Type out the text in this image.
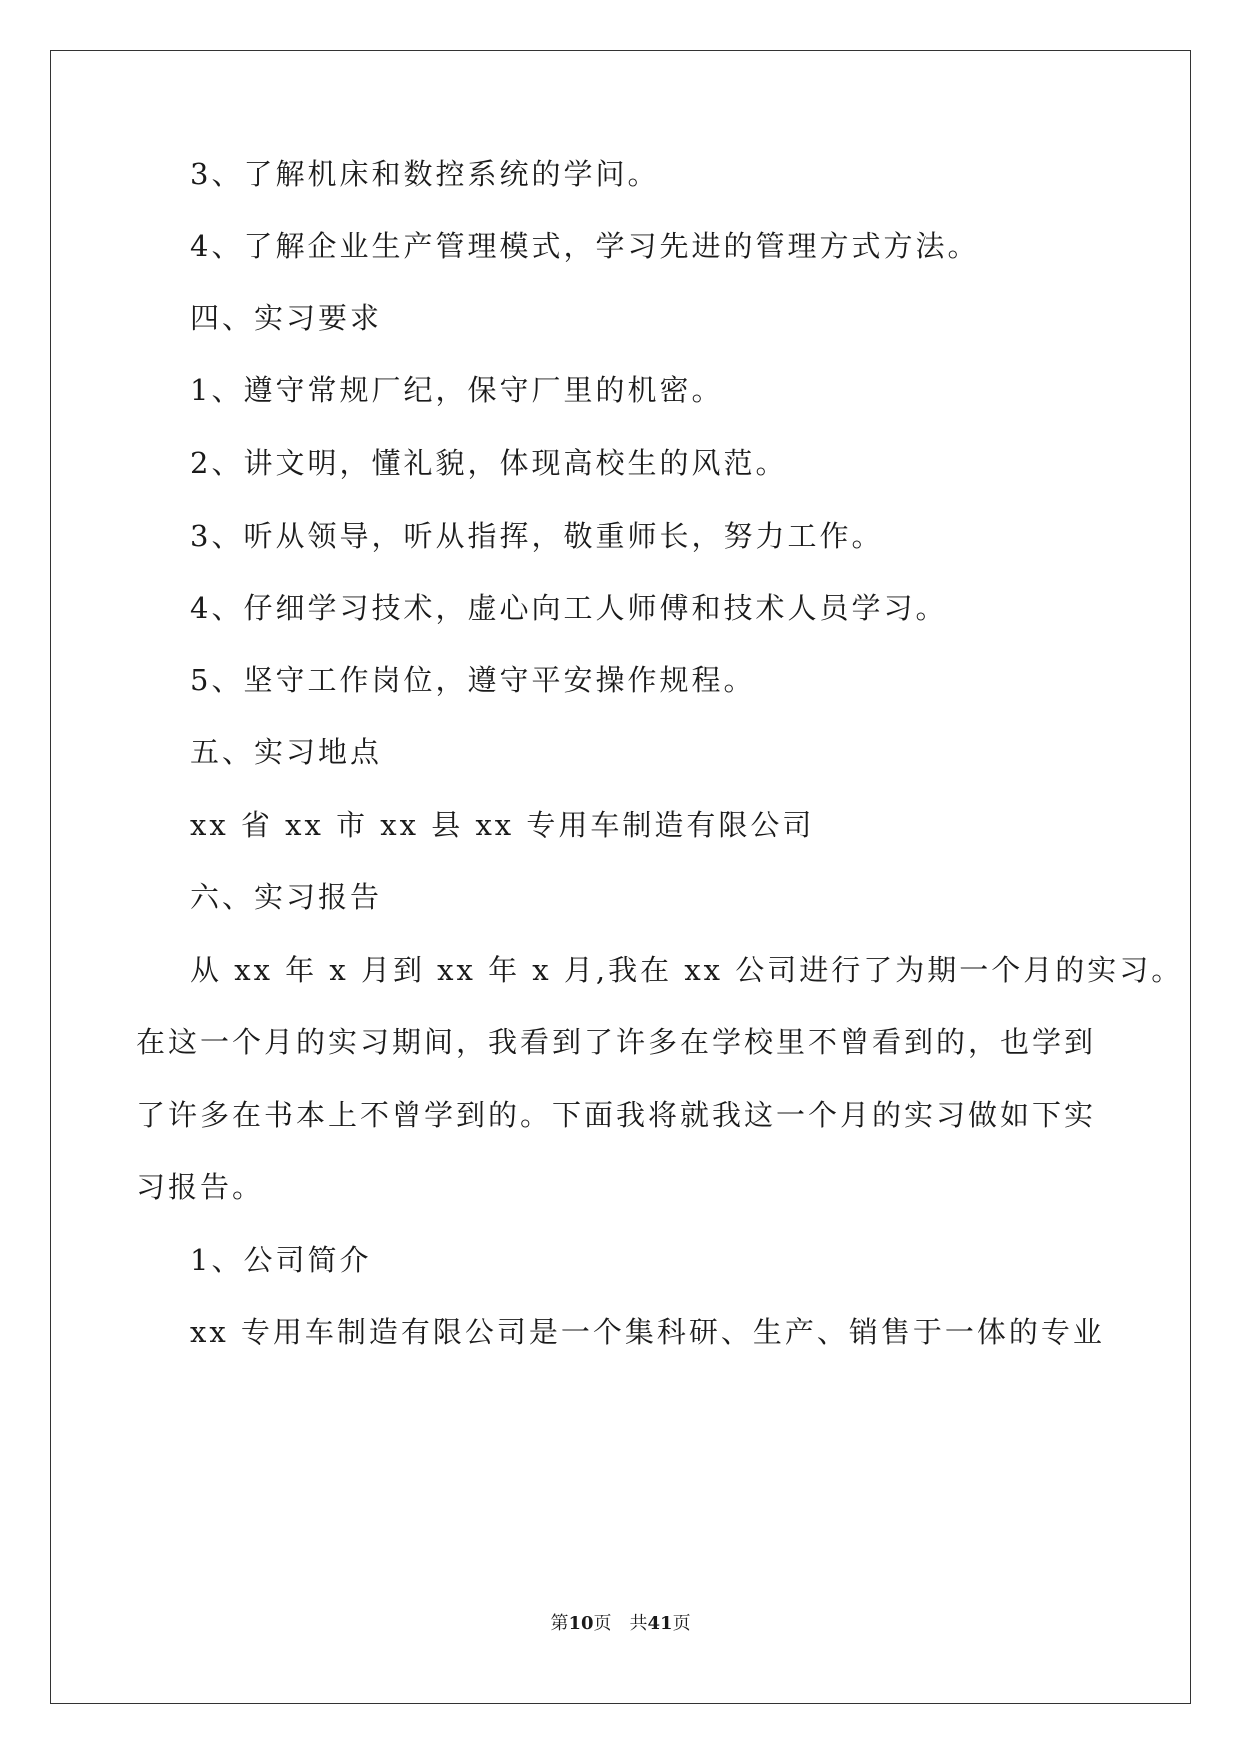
3、了解机床和数控系统的学问。
4、了解企业生产管理模式，学习先进的管理方式方法。
四、实习要求
1、遵守常规厂纪，保守厂里的机密。
2、讲文明，懂礼貌，体现高校生的风范。
3、听从领导，听从指挥，敬重师长，努力工作。
4、仔细学习技术，虚心向工人师傅和技术人员学习。
5、坚守工作岗位，遵守平安操作规程。
五、实习地点
xx 省 xx 市 xx 县 xx 专用车制造有限公司
六、实习报告
从 xx 年 x 月到 xx 年 x 月,我在 xx 公司进行了为期一个月的实习。
在这一个月的实习期间，我看到了许多在学校里不曾看到的，也学到
了许多在书本上不曾学到的。下面我将就我这一个月的实习做如下实
习报告。
1、公司简介
xx 专用车制造有限公司是一个集科研、生产、销售于一体的专业
第10页　共41页
